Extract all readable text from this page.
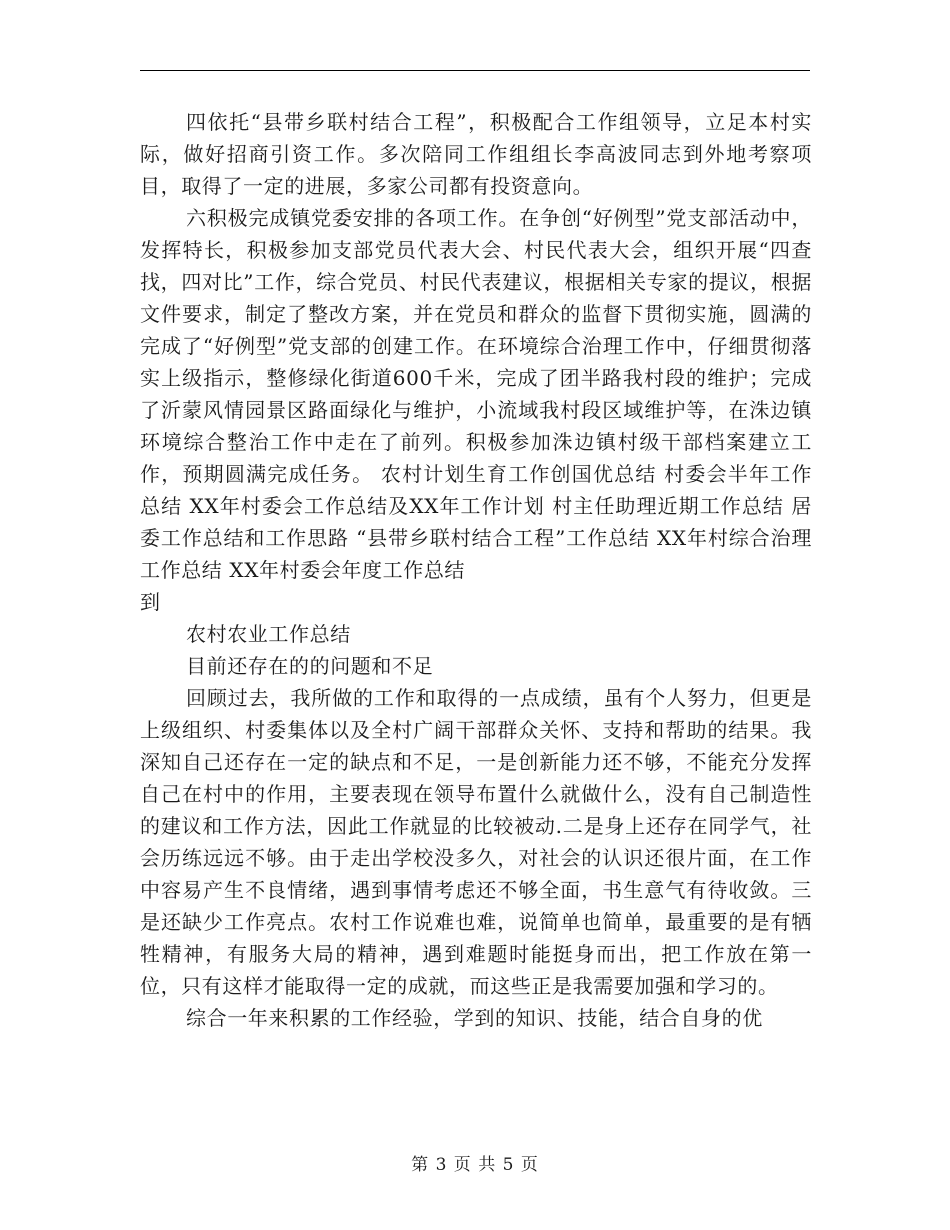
四依托“县带乡联村结合工程”，积极配合工作组领导，立足本村实际，做好招商引资工作。多次陪同工作组组长李高波同志到外地考察项目，取得了一定的进展，多家公司都有投资意向。

六积极完成镇党委安排的各项工作。在争创“好例型”党支部活动中，发挥特长，积极参加支部党员代表大会、村民代表大会，组织开展“四查找，四对比”工作，综合党员、村民代表建议，根据相关专家的提议，根据文件要求，制定了整改方案，并在党员和群众的监督下贯彻实施，圆满的完成了“好例型”党支部的创建工作。在环境综合治理工作中，仔细贯彻落实上级指示，整修绿化街道600千米，完成了团半路我村段的维护；完成了沂蒙风情园景区路面绿化与维护，小流域我村段区域维护等，在洙边镇环境综合整治工作中走在了前列。积极参加洙边镇村级干部档案建立工作，预期圆满完成任务。 农村计划生育工作创国优总结 村委会半年工作总结 XX年村委会工作总结及XX年工作计划 村主任助理近期工作总结 居委工作总结和工作思路 “县带乡联村结合工程”工作总结 XX年村综合治理工作总结 XX年村委会年度工作总结

到

农村农业工作总结

目前还存在的的问题和不足

回顾过去，我所做的工作和取得的一点成绩，虽有个人努力，但更是上级组织、村委集体以及全村广阔干部群众关怀、支持和帮助的结果。我深知自己还存在一定的缺点和不足，一是创新能力还不够，不能充分发挥自己在村中的作用，主要表现在领导布置什么就做什么，没有自己制造性的建议和工作方法，因此工作就显的比较被动.二是身上还存在同学气，社会历练远远不够。由于走出学校没多久，对社会的认识还很片面，在工作中容易产生不良情绪，遇到事情考虑还不够全面，书生意气有待收敛。三是还缺少工作亮点。农村工作说难也难，说简单也简单，最重要的是有牺牲精神，有服务大局的精神，遇到难题时能挺身而出，把工作放在第一位，只有这样才能取得一定的成就，而这些正是我需要加强和学习的。

综合一年来积累的工作经验，学到的知识、技能，结合自身的优

第 3 页 共 5 页
